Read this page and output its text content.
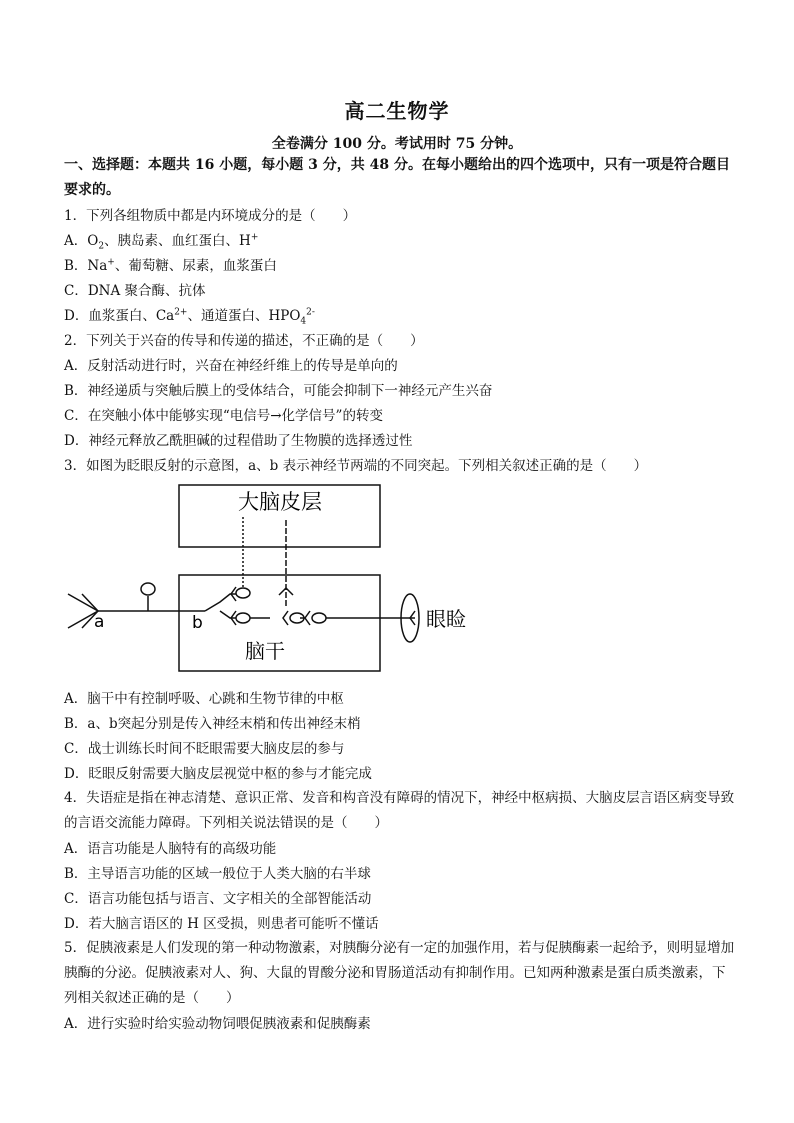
高二生物学
全卷满分 100 分。考试用时 75 分钟。
一、选择题：本题共 16 小题，每小题 3 分，共 48 分。在每小题给出的四个选项中，只有一项是符合题目要求的。
1．下列各组物质中都是内环境成分的是（　　）
A．$O_2$、胰岛素、血红蛋白、H+
B．Na+、葡萄糖、尿素，血浆蛋白
C．DNA 聚合酶、抗体
D．血浆蛋白、$Ca^{2+}$、通道蛋白、$HPO_4^{2-}$
2．下列关于兴奋的传导和传递的描述，不正确的是（　　）
A．反射活动进行时，兴奋在神经纤维上的传导是单向的
B．神经递质与突触后膜上的受体结合，可能会抑制下一神经元产生兴奋
C．在突触小体中能够实现“电信号→化学信号”的转变
D．神经元释放乙酰胆碱的过程借助了生物膜的选择透过性
3．如图为眨眼反射的示意图，a、b 表示神经节两端的不同突起。下列相关叙述正确的是（　　）
大脑皮层
脑干
a	b	眼睑
A．脑干中有控制呼吸、心跳和生物节律的中枢
B．a、b突起分别是传入神经末梢和传出神经末梢
C．战士训练长时间不眨眼需要大脑皮层的参与
D．眨眼反射需要大脑皮层视觉中枢的参与才能完成
4．失语症是指在神志清楚、意识正常、发音和构音没有障碍的情况下，神经中枢病损、大脑皮层言语区病变导致的言语交流能力障碍。下列相关说法错误的是（　　）
A．语言功能是人脑特有的高级功能
B．主导语言功能的区域一般位于人类大脑的右半球
C．语言功能包括与语言、文字相关的全部智能活动
D．若大脑言语区的 H 区受损，则患者可能听不懂话
5．促胰液素是人们发现的第一种动物激素，对胰酶分泌有一定的加强作用，若与促胰酶素一起给予，则明显增加胰酶的分泌。促胰液素对人、狗、大鼠的胃酸分泌和胃肠道活动有抑制作用。已知两种激素是蛋白质类激素，下列相关叙述正确的是（　　）
A．进行实验时给实验动物饲喂促胰液素和促胰酶素
